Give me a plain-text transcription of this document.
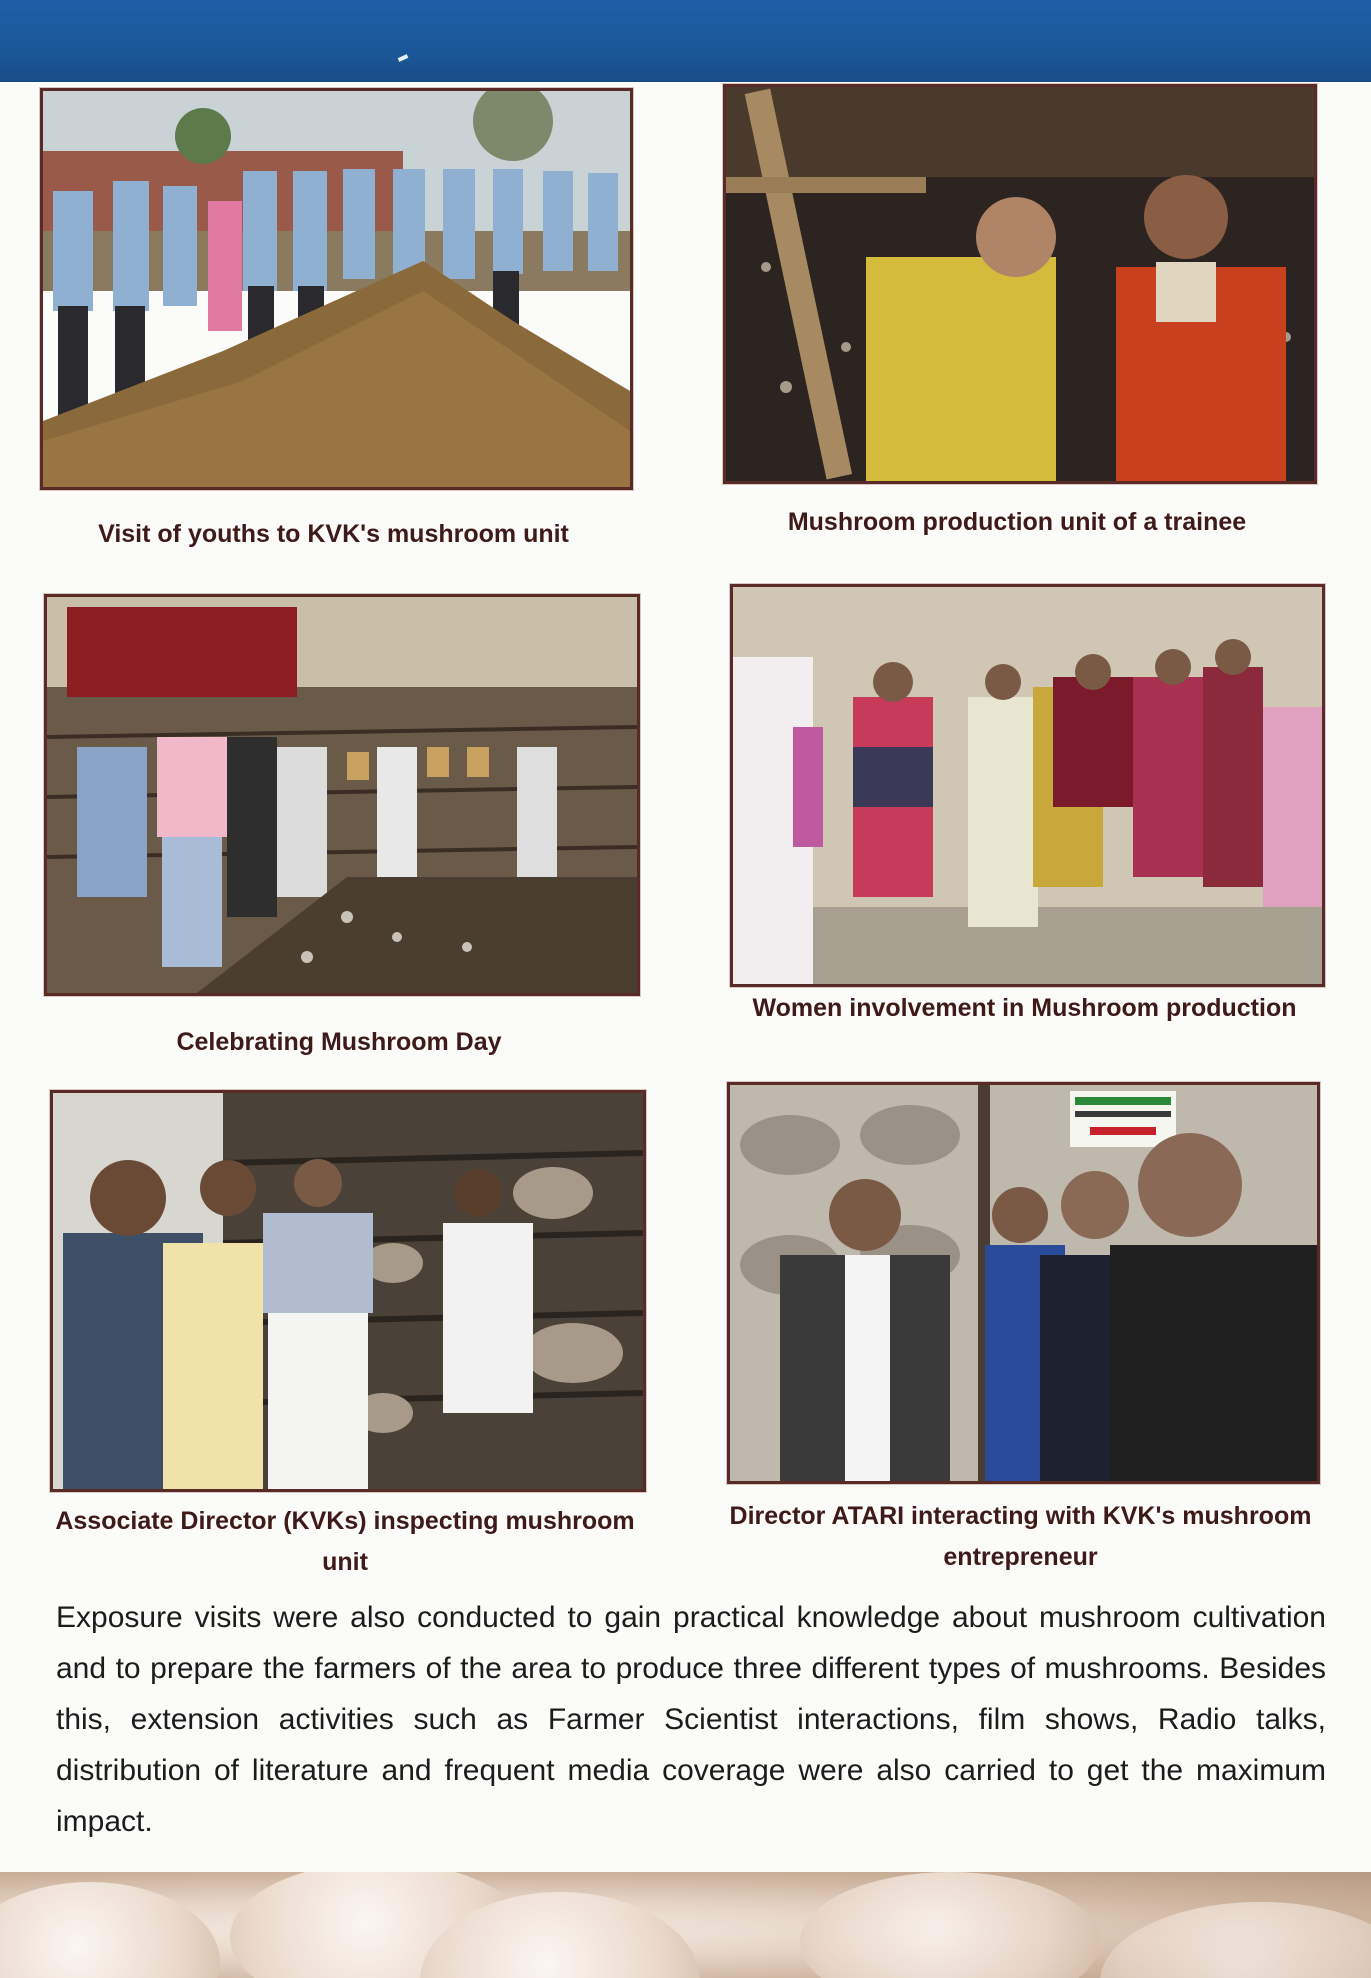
Visit of youths to KVK's mushroom unit	Mushroom production unit of a trainee
Celebrating Mushroom Day
Women involvement in Mushroom production
Associate Director (KVKs) inspecting mushroom unit
Director ATARI interacting with KVK's mushroom entrepreneur
Exposure visits were also conducted to gain practical knowledge about mushroom cultivation and to prepare the farmers of the area to produce three different types of mushrooms. Besides this, extension activities such as Farmer Scientist interactions, film shows, Radio talks, distribution of literature and frequent media coverage were also carried to get the maximum impact.
